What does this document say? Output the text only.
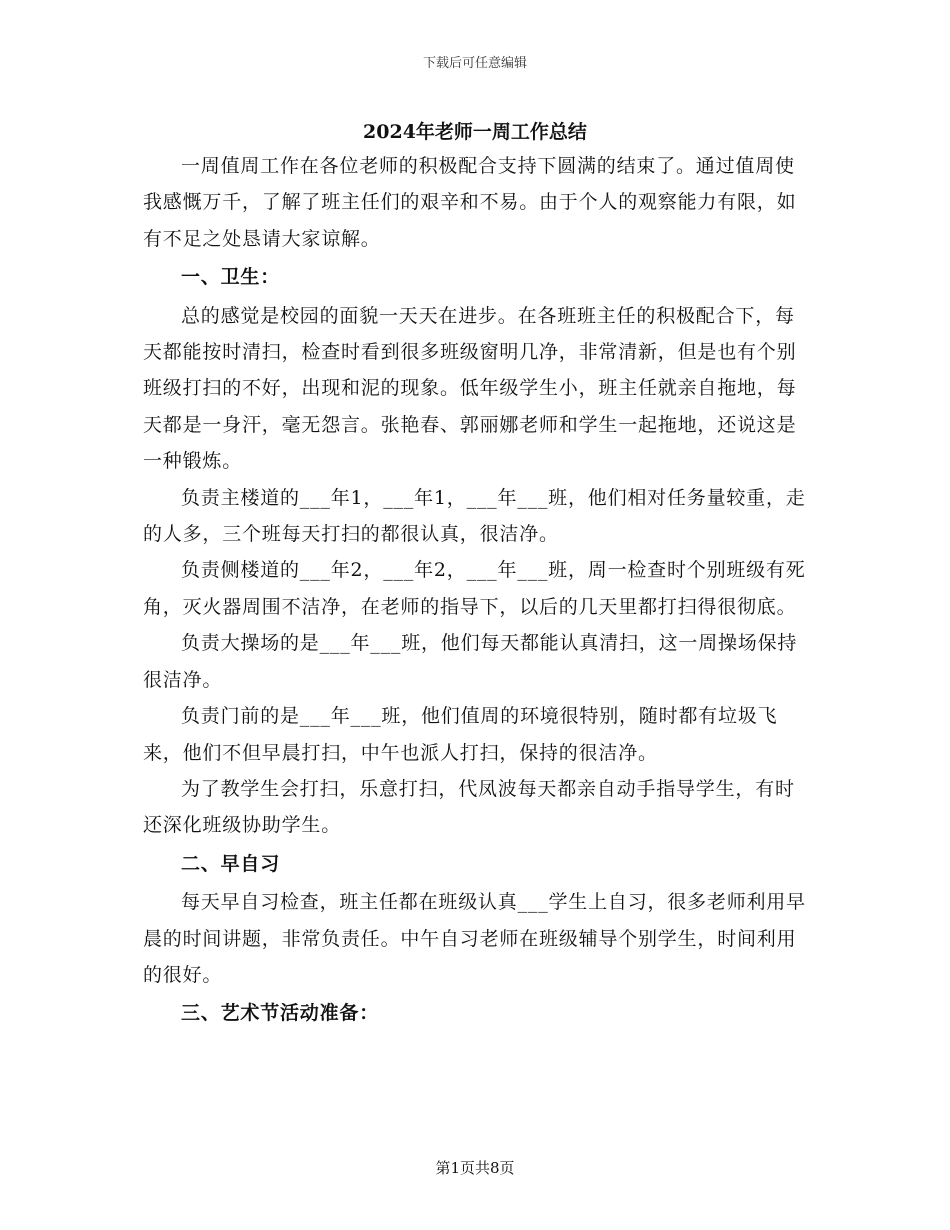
下载后可任意编辑
2024年老师一周工作总结

一周值周工作在各位老师的积极配合支持下圆满的结束了。通过值周使我感慨万千，了解了班主任们的艰辛和不易。由于个人的观察能力有限，如有不足之处恳请大家谅解。

一、卫生：

总的感觉是校园的面貌一天天在进步。在各班班主任的积极配合下，每天都能按时清扫，检查时看到很多班级窗明几净，非常清新，但是也有个别班级打扫的不好，出现和泥的现象。低年级学生小，班主任就亲自拖地，每天都是一身汗，毫无怨言。张艳春、郭丽娜老师和学生一起拖地，还说这是一种锻炼。

负责主楼道的___年1，___年1，___年___班，他们相对任务量较重，走的人多，三个班每天打扫的都很认真，很洁净。

负责侧楼道的___年2，___年2，___年___班，周一检查时个别班级有死角，灭火器周围不洁净，在老师的指导下，以后的几天里都打扫得很彻底。

负责大操场的是___年___班，他们每天都能认真清扫，这一周操场保持很洁净。

负责门前的是___年___班，他们值周的环境很特别，随时都有垃圾飞来，他们不但早晨打扫，中午也派人打扫，保持的很洁净。

为了教学生会打扫，乐意打扫，代凤波每天都亲自动手指导学生，有时还深化班级协助学生。

二、早自习

每天早自习检查，班主任都在班级认真___学生上自习，很多老师利用早晨的时间讲题，非常负责任。中午自习老师在班级辅导个别学生，时间利用的很好。

三、艺术节活动准备：

第1页共8页
